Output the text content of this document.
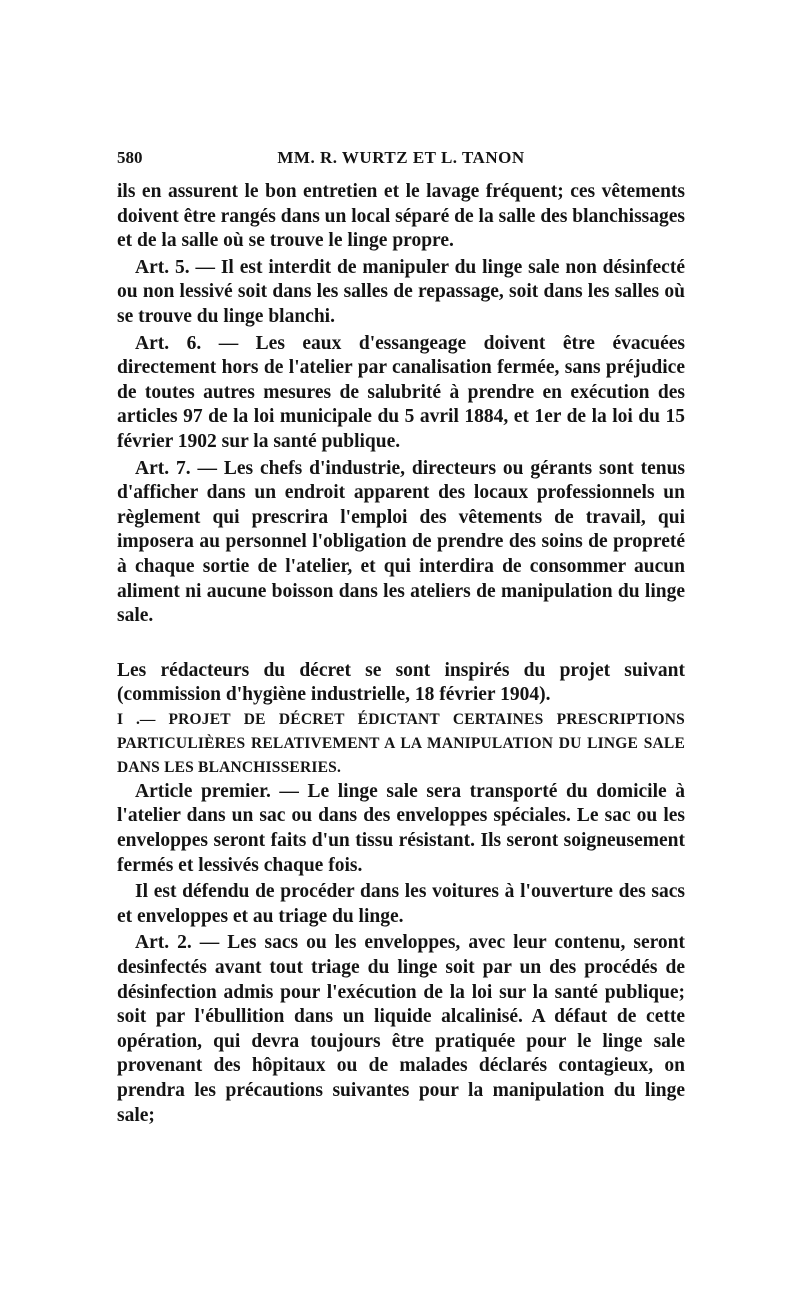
580	MM. R. WURTZ ET L. TANON

ils en assurent le bon entretien et le lavage fréquent; ces vêtements doivent être rangés dans un local séparé de la salle des blanchissages et de la salle où se trouve le linge propre.

Art. 5. — Il est interdit de manipuler du linge sale non désinfecté ou non lessivé soit dans les salles de repassage, soit dans les salles où se trouve du linge blanchi.

Art. 6. — Les eaux d'essangeage doivent être évacuées directement hors de l'atelier par canalisation fermée, sans préjudice de toutes autres mesures de salubrité à prendre en exécution des articles 97 de la loi municipale du 5 avril 1884, et 1er de la loi du 15 février 1902 sur la santé publique.

Art. 7. — Les chefs d'industrie, directeurs ou gérants sont tenus d'afficher dans un endroit apparent des locaux professionnels un règlement qui prescrira l'emploi des vêtements de travail, qui imposera au personnel l'obligation de prendre des soins de propreté à chaque sortie de l'atelier, et qui interdira de consommer aucun aliment ni aucune boisson dans les ateliers de manipulation du linge sale.

Les rédacteurs du décret se sont inspirés du projet suivant (commission d'hygiène industrielle, 18 février 1904).

I .— PROJET DE DÉCRET ÉDICTANT CERTAINES PRESCRIPTIONS PARTICULIÈRES RELATIVEMENT A LA MANIPULATION DU LINGE SALE DANS LES BLANCHISSERIES.

Article premier. — Le linge sale sera transporté du domicile à l'atelier dans un sac ou dans des enveloppes spéciales. Le sac ou les enveloppes seront faits d'un tissu résistant. Ils seront soigneusement fermés et lessivés chaque fois.

Il est défendu de procéder dans les voitures à l'ouverture des sacs et enveloppes et au triage du linge.

Art. 2. — Les sacs ou les enveloppes, avec leur contenu, seront desinfectés avant tout triage du linge soit par un des procédés de désinfection admis pour l'exécution de la loi sur la santé publique; soit par l'ébullition dans un liquide alcalinisé. A défaut de cette opération, qui devra toujours être pratiquée pour le linge sale provenant des hôpitaux ou de malades déclarés contagieux, on prendra les précautions suivantes pour la manipulation du linge sale;
